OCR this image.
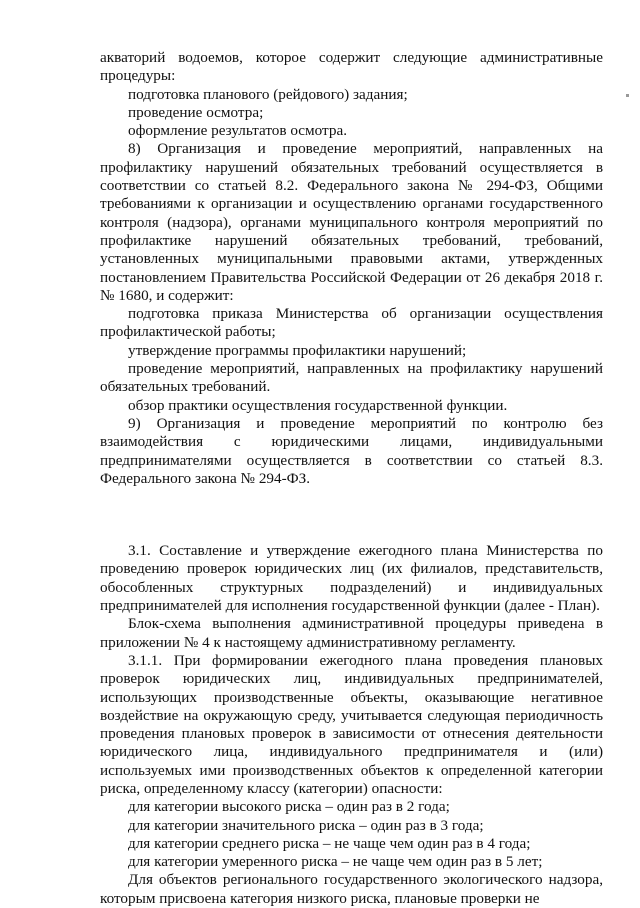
акваторий водоемов, которое содержит следующие административные процедуры:

подготовка планового (рейдового) задания;

проведение осмотра;

оформление результатов осмотра.

8) Организация и проведение мероприятий, направленных на профилактику нарушений обязательных требований осуществляется в соответствии со статьей 8.2. Федерального закона № 294-ФЗ, Общими требованиями к организации и осуществлению органами государственного контроля (надзора), органами муниципального контроля мероприятий по профилактике нарушений обязательных требований, требований, установленных муниципальными правовыми актами, утвержденных постановлением Правительства Российской Федерации от 26 декабря 2018 г. № 1680, и содержит:

подготовка приказа Министерства об организации осуществления профилактической работы;

утверждение программы профилактики нарушений;

проведение мероприятий, направленных на профилактику нарушений обязательных требований.

обзор практики осуществления государственной функции.

9) Организация и проведение мероприятий по контролю без взаимодействия с юридическими лицами, индивидуальными предпринимателями осуществляется в соответствии со статьей 8.3. Федерального закона № 294-ФЗ.

3.1. Составление и утверждение ежегодного плана Министерства по проведению проверок юридических лиц (их филиалов, представительств, обособленных структурных подразделений) и индивидуальных предпринимателей для исполнения государственной функции (далее - План).

Блок-схема выполнения административной процедуры приведена в приложении № 4 к настоящему административному регламенту.

3.1.1. При формировании ежегодного плана проведения плановых проверок юридических лиц, индивидуальных предпринимателей, использующих производственные объекты, оказывающие негативное воздействие на окружающую среду, учитывается следующая периодичность проведения плановых проверок в зависимости от отнесения деятельности юридического лица, индивидуального предпринимателя и (или) используемых ими производственных объектов к определенной категории риска, определенному классу (категории) опасности:

для категории высокого риска – один раз в 2 года;

для категории значительного риска – один раз в 3 года;

для категории среднего риска – не чаще чем один раз в 4 года;

для категории умеренного риска – не чаще чем один раз в 5 лет;

Для объектов регионального государственного экологического надзора, которым присвоена категория низкого риска, плановые проверки не
